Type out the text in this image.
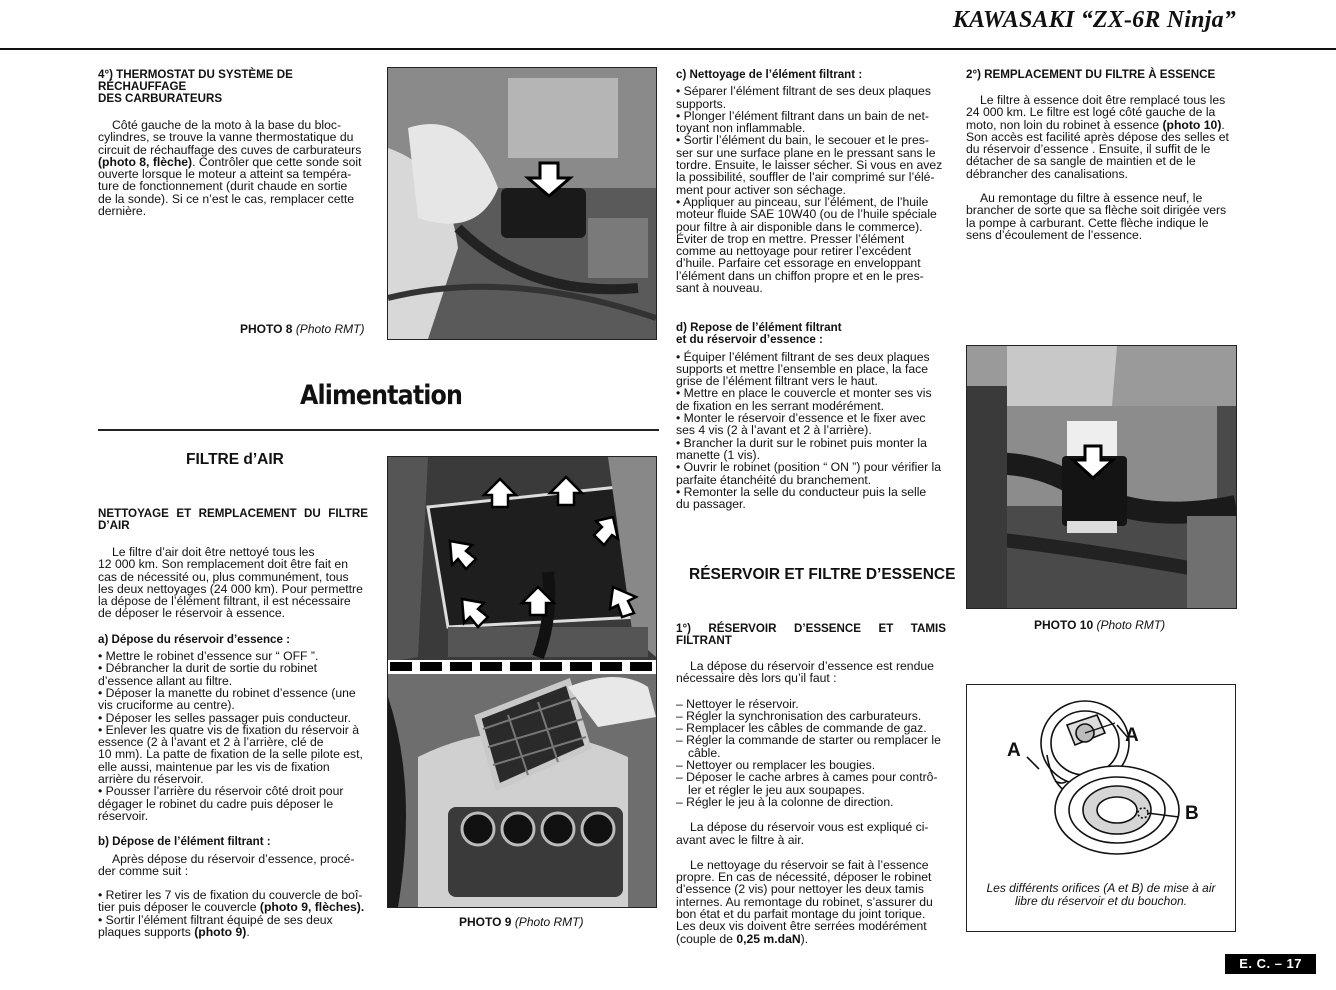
KAWASAKI “ZX-6R Ninja”
4°) THERMOSTAT DU SYSTÈME DE RÉCHAUFFAGE
DES CARBURATEURS

Côté gauche de la moto à la base du bloc-

cylindres, se trouve la vanne thermostatique du

circuit de réchauffage des cuves de carburateurs

(photo 8, flèche). Contrôler que cette sonde soit

ouverte lorsque le moteur a atteint sa tempéra-

ture de fonctionnement (durit chaude en sortie

de la sonde). Si ce n’est le cas, remplacer cette

dernière.

PHOTO 8 (Photo RMT)
Alimentation
FILTRE d’AIR
NETTOYAGE ET REMPLACEMENT DU FILTRE D’AIR

Le filtre d’air doit être nettoyé tous les

12 000 km. Son remplacement doit être fait en

cas de nécessité ou, plus communément, tous

les deux nettoyages (24 000 km). Pour permettre

la dépose de l’élément filtrant, il est nécessaire

de déposer le réservoir à essence.

a) Dépose du réservoir d’essence :

• Mettre le robinet d’essence sur “ OFF ”.

• Débrancher la durit de sortie du robinet

d’essence allant au filtre.

• Déposer la manette du robinet d’essence (une

vis cruciforme au centre).

• Déposer les selles passager puis conducteur.

• Enlever les quatre vis de fixation du réservoir à

essence (2 à l’avant et 2 à l’arrière, clé de

10 mm). La patte de fixation de la selle pilote est,

elle aussi, maintenue par les vis de fixation

arrière du réservoir.

• Pousser l’arrière du réservoir côté droit pour

dégager le robinet du cadre puis déposer le

réservoir.

b) Dépose de l’élément filtrant :

Après dépose du réservoir d’essence, procé-

der comme suit :

• Retirer les 7 vis de fixation du couvercle de boî-

tier puis déposer le couvercle (photo 9, flèches).

• Sortir l’élément filtrant équipé de ses deux

plaques supports (photo 9).

PHOTO 9 (Photo RMT)

c) Nettoyage de l’élément filtrant :

• Séparer l’élément filtrant de ses deux plaques

supports.

• Plonger l’élément filtrant dans un bain de net-

toyant non inflammable.

• Sortir l’élément du bain, le secouer et le pres-

ser sur une surface plane en le pressant sans le

tordre. Ensuite, le laisser sécher. Si vous en avez

la possibilité, souffler de l’air comprimé sur l’élé-

ment pour activer son séchage.

• Appliquer au pinceau, sur l’élément, de l’huile

moteur fluide SAE 10W40 (ou de l’huile spéciale

pour filtre à air disponible dans le commerce).

Éviter de trop en mettre. Presser l’élément

comme au nettoyage pour retirer l’excédent

d’huile. Parfaire cet essorage en enveloppant

l’élément dans un chiffon propre et en le pres-

sant à nouveau.

d) Repose de l’élément filtrant

et du réservoir d’essence :

• Équiper l’élément filtrant de ses deux plaques

supports et mettre l’ensemble en place, la face

grise de l’élément filtrant vers le haut.

• Mettre en place le couvercle et monter ses vis

de fixation en les serrant modérément.

• Monter le réservoir d’essence et le fixer avec

ses 4 vis (2 à l’avant et 2 à l’arrière).

• Brancher la durit sur le robinet puis monter la

manette (1 vis).

• Ouvrir le robinet (position “ ON ”) pour vérifier la

parfaite étanchéité du branchement.

• Remonter la selle du conducteur puis la selle

du passager.

RÉSERVOIR ET FILTRE D’ESSENCE
1°) RÉSERVOIR D’ESSENCE ET TAMIS FILTRANT

La dépose du réservoir d’essence est rendue

nécessaire dès lors qu’il faut :

– Nettoyer le réservoir.

– Régler la synchronisation des carburateurs.

– Remplacer les câbles de commande de gaz.

– Régler la commande de starter ou remplacer le

câble.

– Nettoyer ou remplacer les bougies.

– Déposer le cache arbres à cames pour contrô-

ler et régler le jeu aux soupapes.

– Régler le jeu à la colonne de direction.

La dépose du réservoir vous est expliqué ci-

avant avec le filtre à air.

Le nettoyage du réservoir se fait à l’essence

propre. En cas de nécessité, déposer le robinet

d’essence (2 vis) pour nettoyer les deux tamis

internes. Au remontage du robinet, s’assurer du

bon état et du parfait montage du joint torique.

Les deux vis doivent être serrées modérément

(couple de 0,25 m.daN).

2°) REMPLACEMENT DU FILTRE À ESSENCE

Le filtre à essence doit être remplacé tous les

24 000 km. Le filtre est logé côté gauche de la

moto, non loin du robinet à essence (photo 10).

Son accès est facilité après dépose des selles et

du réservoir d’essence . Ensuite, il suffit de le

détacher de sa sangle de maintien et de le

débrancher des canalisations.

Au remontage du filtre à essence neuf, le

brancher de sorte que sa flèche soit dirigée vers

la pompe à carburant. Cette flèche indique le

sens d’écoulement de l’essence.

PHOTO 10 (Photo RMT)
A
A
B
Les différents orifices (A et B) de mise à air
libre du réservoir et du bouchon.
E. C. – 17
